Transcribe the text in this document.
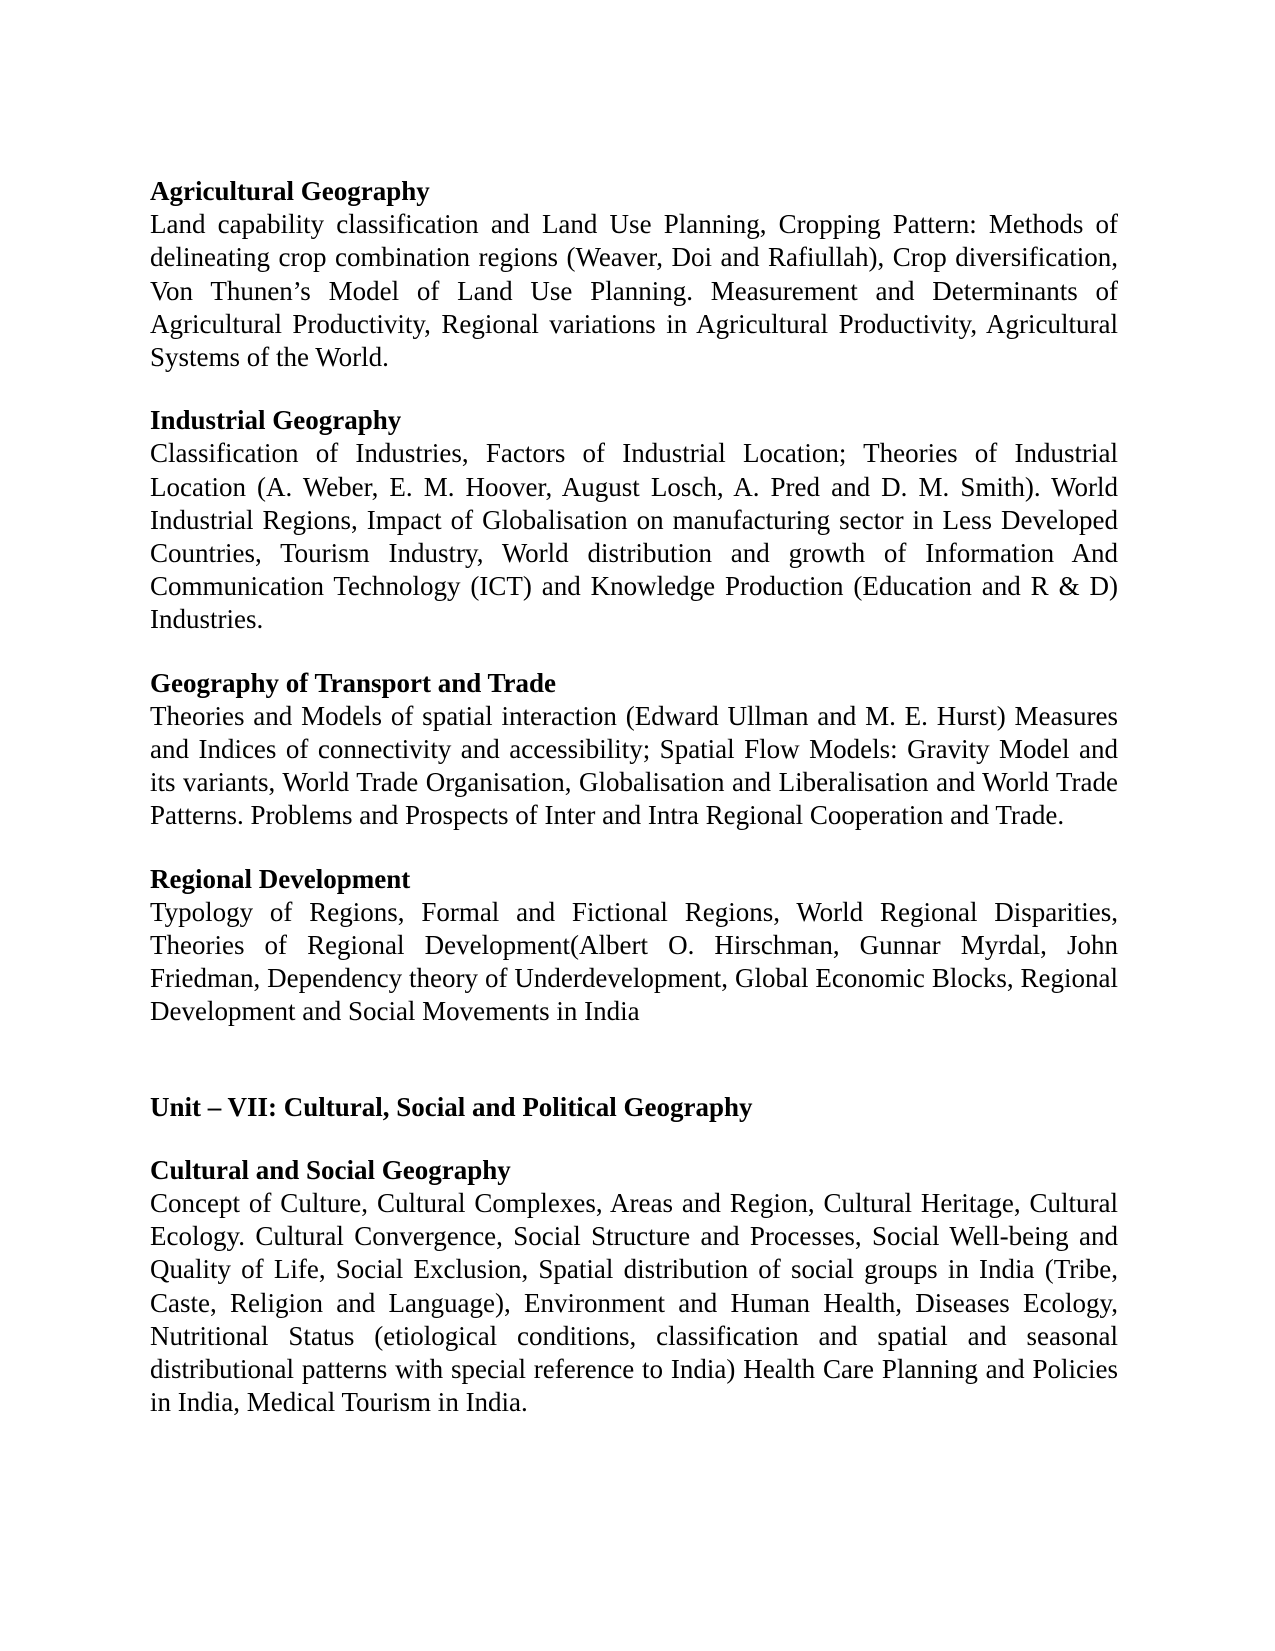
Agricultural Geography

Land capability classification and Land Use Planning, Cropping Pattern: Methods of delineating crop combination regions (Weaver, Doi and Rafiullah), Crop diversification, Von Thunen’s Model of Land Use Planning. Measurement and Determinants of Agricultural Productivity, Regional variations in Agricultural Productivity, Agricultural Systems of the World.

Industrial Geography

Classification of Industries, Factors of Industrial Location; Theories of Industrial Location (A. Weber, E. M. Hoover, August Losch, A. Pred and D. M. Smith). World Industrial Regions, Impact of Globalisation on manufacturing sector in Less Developed Countries, Tourism Industry, World distribution and growth of Information And Communication Technology (ICT) and Knowledge Production (Education and R & D) Industries.

Geography of Transport and Trade

Theories and Models of spatial interaction (Edward Ullman and M. E. Hurst) Measures and Indices of connectivity and accessibility; Spatial Flow Models: Gravity Model and its variants, World Trade Organisation, Globalisation and Liberalisation and World Trade Patterns. Problems and Prospects of Inter and Intra Regional Cooperation and Trade.

Regional Development

Typology of Regions, Formal and Fictional Regions, World Regional Disparities, Theories of Regional Development(Albert O. Hirschman, Gunnar Myrdal, John Friedman, Dependency theory of Underdevelopment, Global Economic Blocks, Regional Development and Social Movements in India

Unit – VII: Cultural, Social and Political Geography

Cultural and Social Geography

Concept of Culture, Cultural Complexes, Areas and Region, Cultural Heritage, Cultural Ecology. Cultural Convergence, Social Structure and Processes, Social Well-being and Quality of Life, Social Exclusion, Spatial distribution of social groups in India (Tribe, Caste, Religion and Language), Environment and Human Health, Diseases Ecology, Nutritional Status (etiological conditions, classification and spatial and seasonal distributional patterns with special reference to India) Health Care Planning and Policies in India, Medical Tourism in India.
